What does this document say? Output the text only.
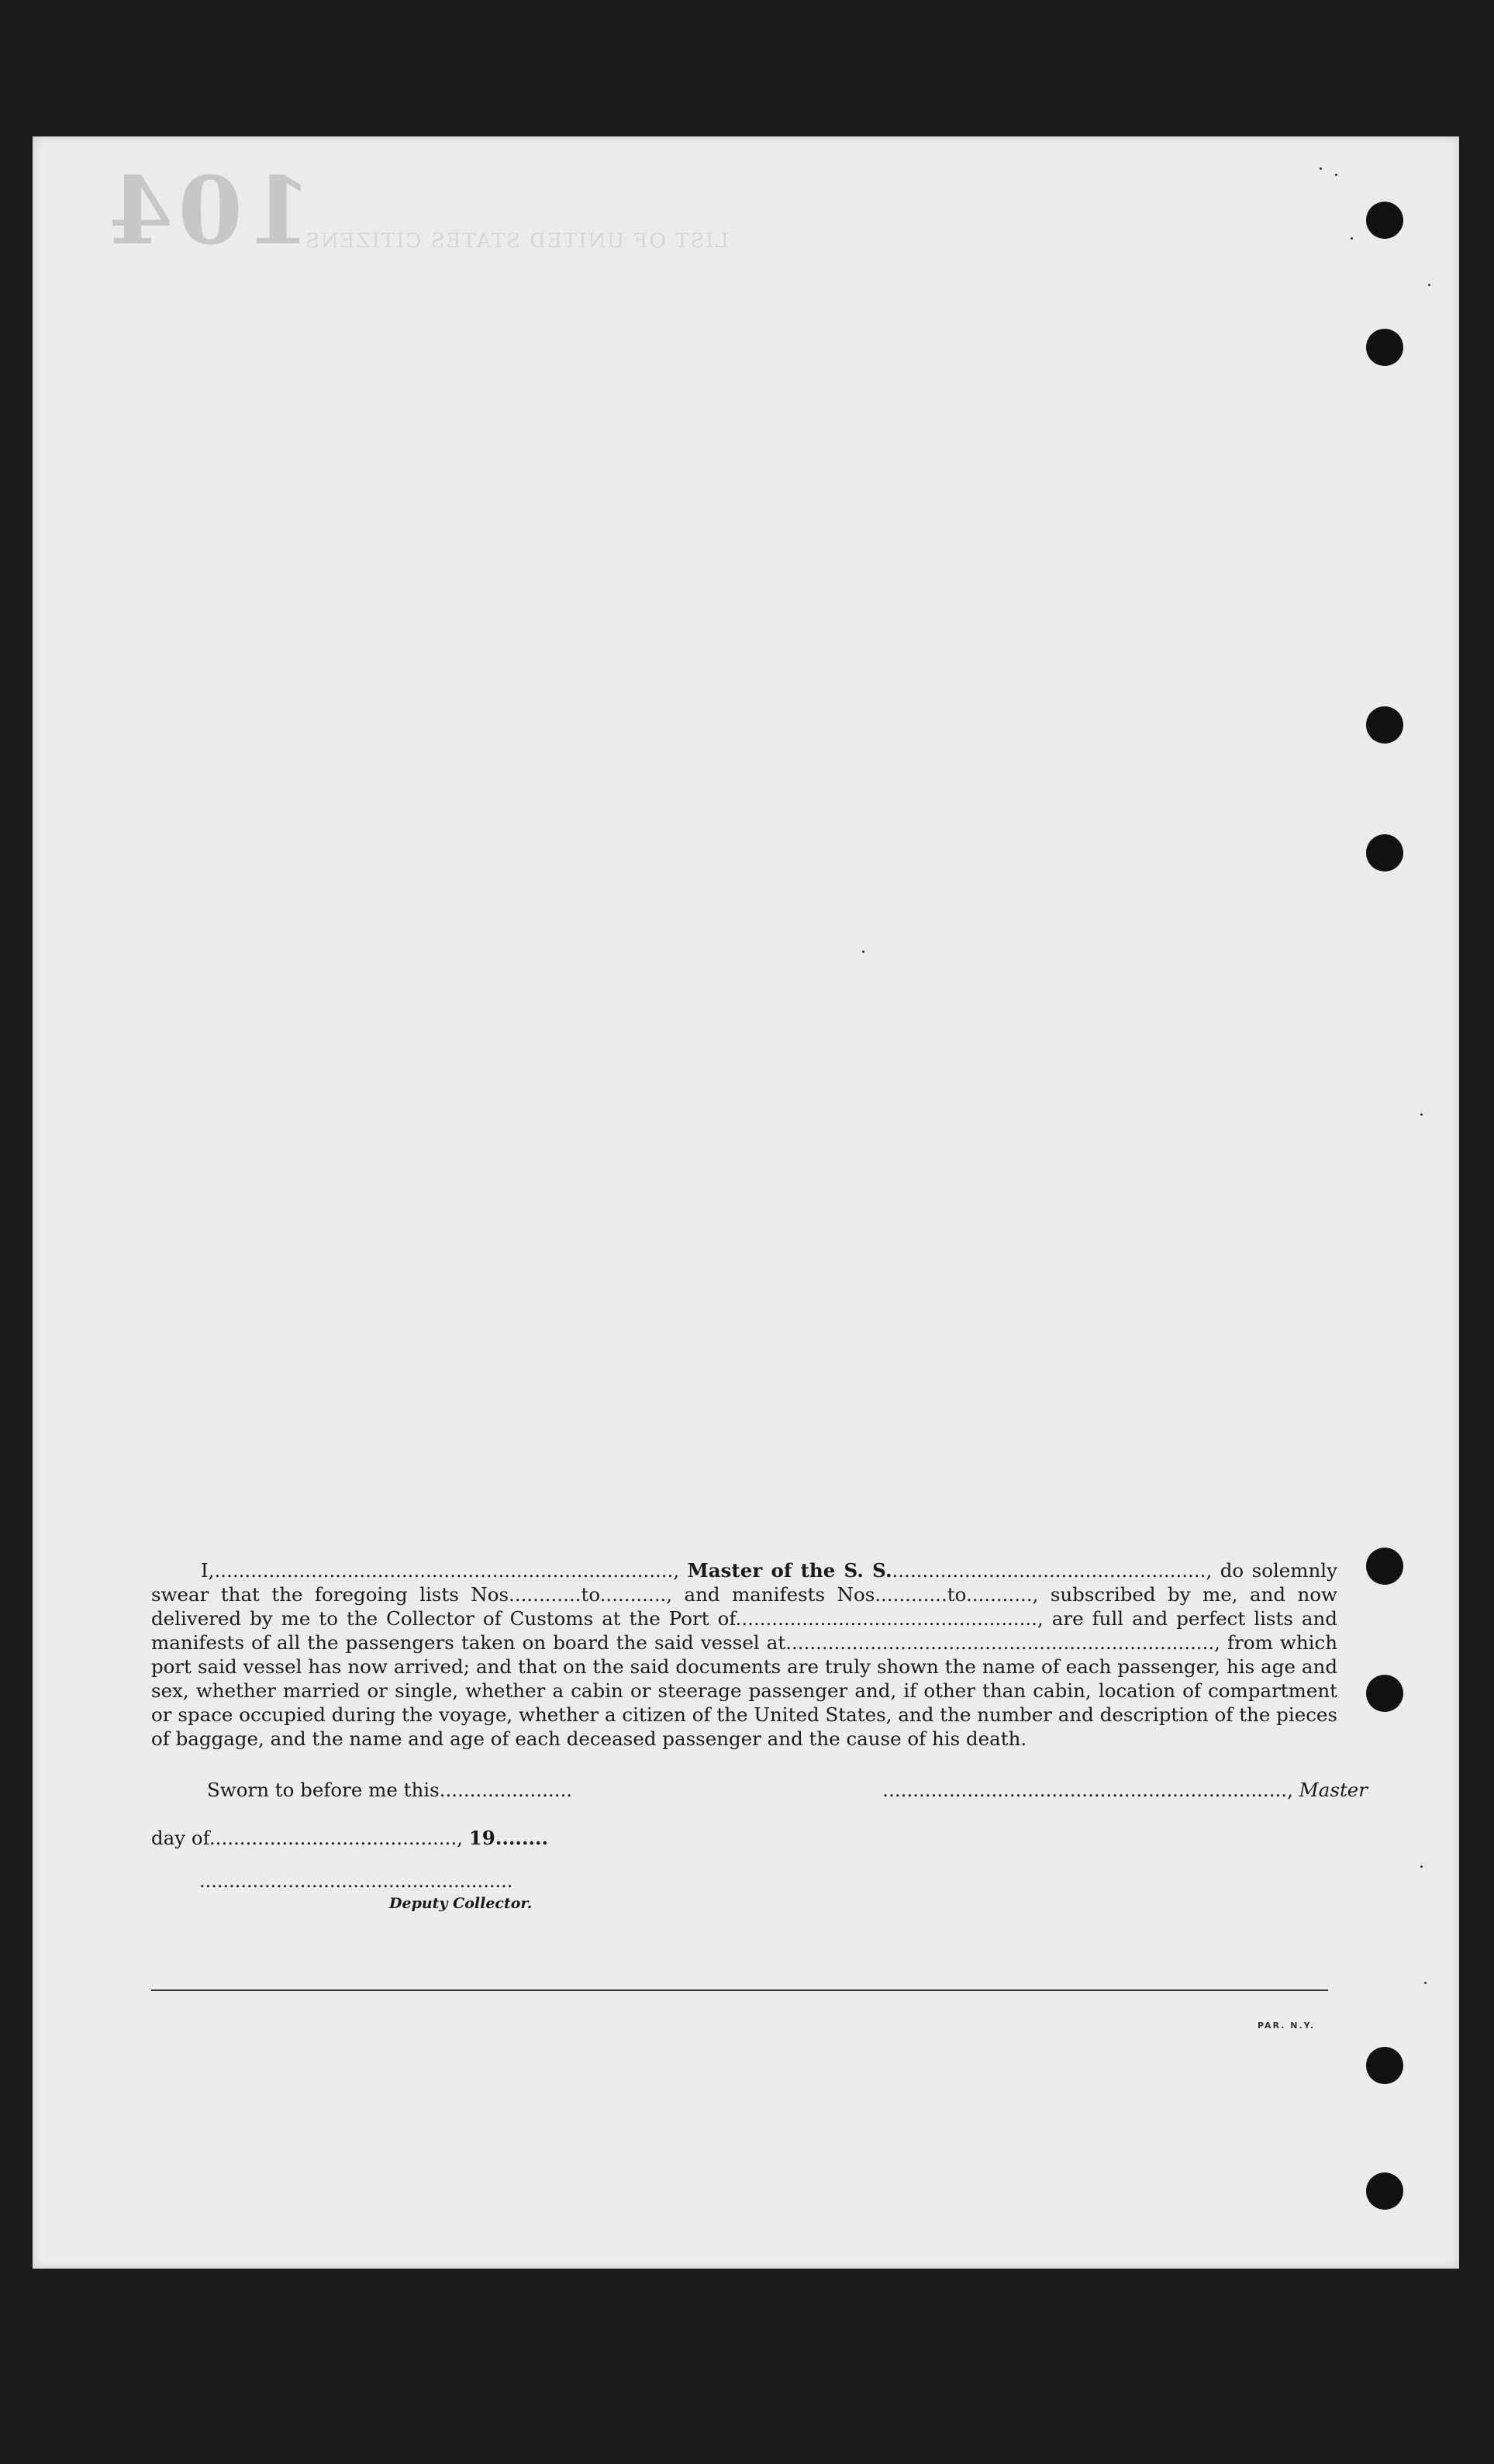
104
LIST OF UNITED STATES CITIZENS

I,............................................................................, Master of the S. S....................................................., do solemnly swear that the foregoing lists Nos............to..........., and manifests Nos............to..........., subscribed by me, and now delivered by me to the Collector of Customs at the Port of.................................................., are full and perfect lists and manifests of all the passengers taken on board the said vessel at......................................................................., from which port said vessel has now arrived; and that on the said documents are truly shown the name of each passenger, his age and sex, whether married or single, whether a cabin or steerage passenger and, if other than cabin, location of compartment or space occupied during the voyage, whether a citizen of the United States, and the number and description of the pieces of baggage, and the name and age of each deceased passenger and the cause of his death.

Sworn to before me this......................	..................................................................., Master
day of........................................., 19........
.....................................................
Deputy Collector.
PAR. N.Y.
